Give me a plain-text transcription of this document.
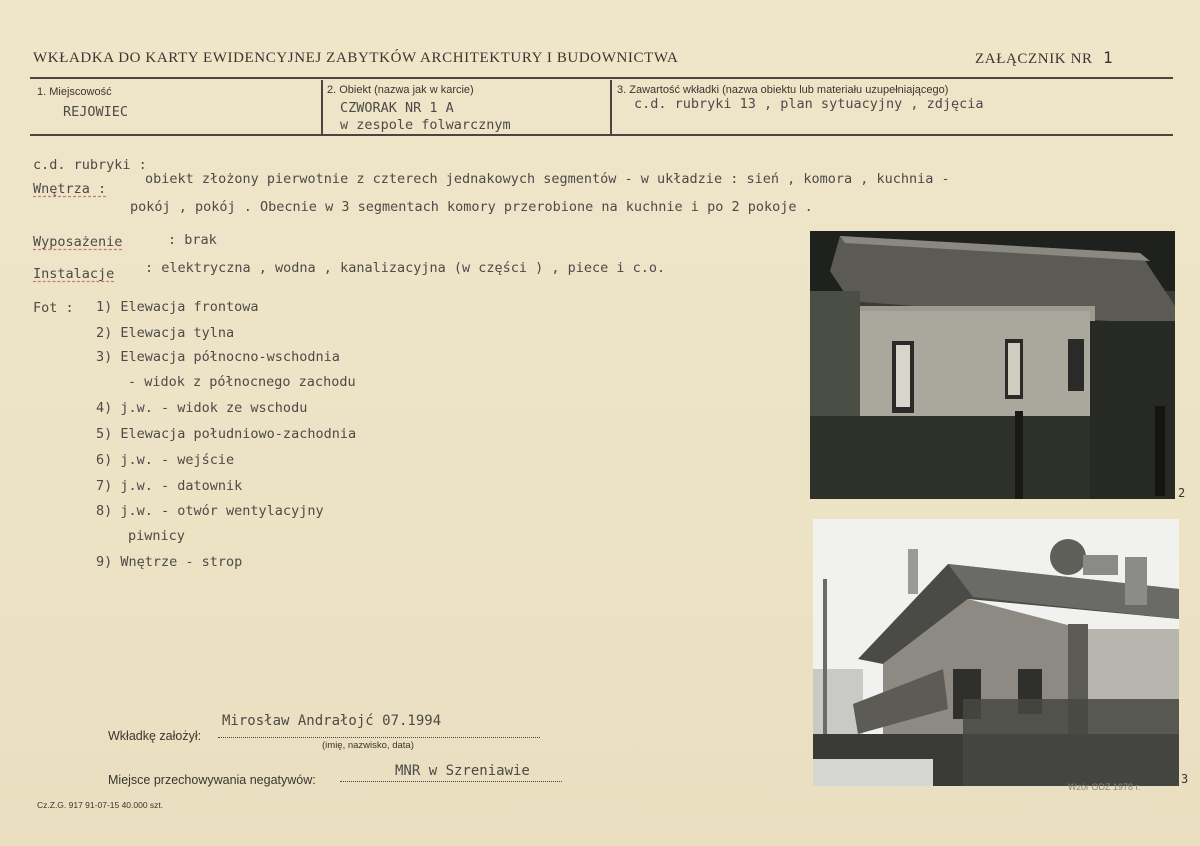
WKŁADKA DO KARTY EWIDENCYJNEJ ZABYTKÓW ARCHITEKTURY I BUDOWNICTWA	ZAŁĄCZNIK NR 1
1. Miejscowość
REJOWIEC
2. Obiekt (nazwa jak w karcie)
CZWORAK NR 1 A
w zespole folwarcznym
3. Zawartość wkładki (nazwa obiektu lub materiału uzupełniającego)
c.d. rubryki 13 , plan sytuacyjny , zdjęcia
c.d. rubryki :
Wnętrza :
obiekt złożony pierwotnie z czterech jednakowych segmentów - w układzie : sień , komora , kuchnia -
pokój , pokój . Obecnie w 3 segmentach komory przerobione na kuchnie i po 2 pokoje .
Wyposażenie	: brak
Instalacje : elektryczna , wodna , kanalizacyjna (w części ) , piece i c.o.
Fot : 1) Elewacja frontowa
2) Elewacja tylna
3) Elewacja północno-wschodnia
- widok z północnego zachodu
4) j.w. - widok ze wschodu
5) Elewacja południowo-zachodnia
6) j.w. - wejście
7) j.w. - datownik
8) j.w. - otwór wentylacyjny
piwnicy
9) Wnętrze - strop
2
3
Wkładkę założył:
Mirosław Andrałojć 07.1994
(imię, nazwisko, data)
Miejsce przechowywania negatywów:
MNR w Szreniawie
Cz.Z.G. 917 91-07-15 40.000 szt.
Wzór ODZ 1978 r.
